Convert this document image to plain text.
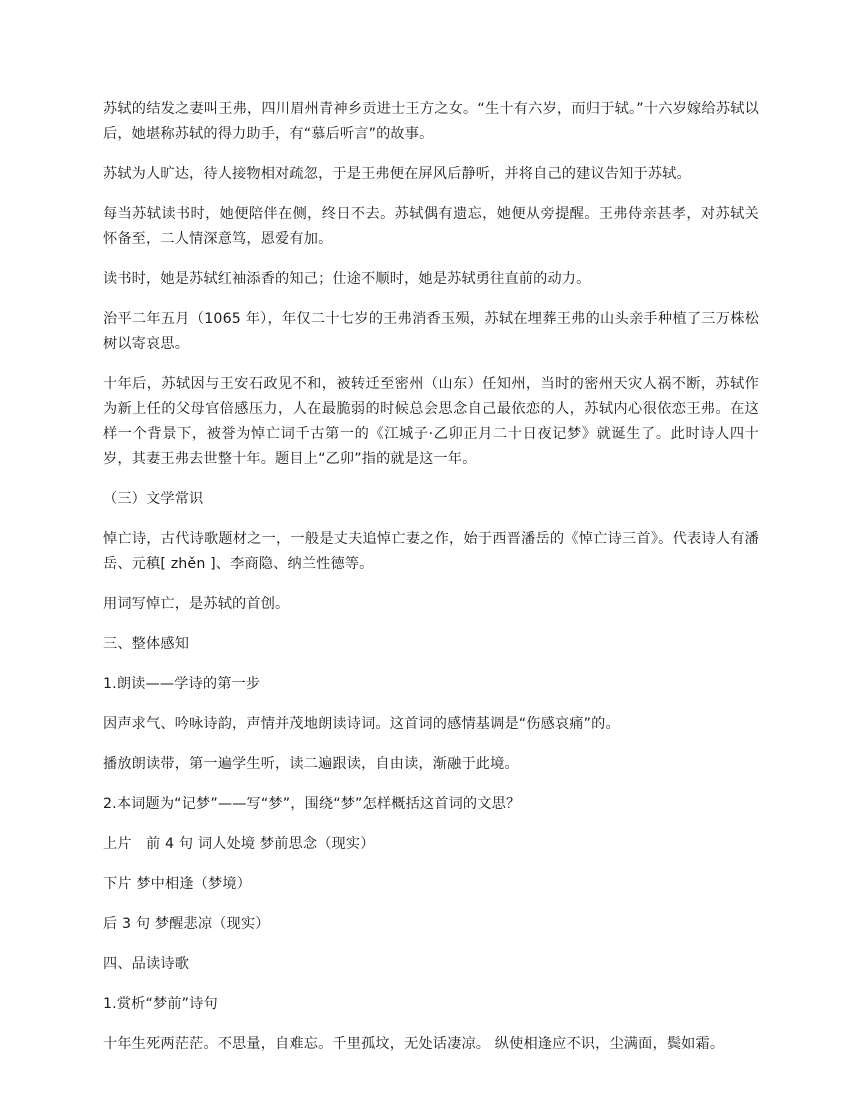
苏轼的结发之妻叫王弗，四川眉州青神乡贡进士王方之女。“生十有六岁，而归于轼。”十六岁嫁给苏轼以后，她堪称苏轼的得力助手，有“慕后听言”的故事。

苏轼为人旷达，待人接物相对疏忽，于是王弗便在屏风后静听，并将自己的建议告知于苏轼。

每当苏轼读书时，她便陪伴在侧，终日不去。苏轼偶有遗忘，她便从旁提醒。王弗侍亲甚孝，对苏轼关怀备至，二人情深意笃，恩爱有加。

读书时，她是苏轼红袖添香的知己；仕途不顺时，她是苏轼勇往直前的动力。

治平二年五月（1065 年），年仅二十七岁的王弗消香玉殒，苏轼在埋葬王弗的山头亲手种植了三万株松树以寄哀思。

十年后，苏轼因与王安石政见不和，被转迁至密州（山东）任知州，当时的密州天灾人祸不断，苏轼作为新上任的父母官倍感压力，人在最脆弱的时候总会思念自己最依恋的人，苏轼内心很依恋王弗。在这样一个背景下，被誉为悼亡词千古第一的《江城子·乙卯正月二十日夜记梦》就诞生了。此时诗人四十岁，其妻王弗去世整十年。题目上“乙卯”指的就是这一年。

（三）文学常识

悼亡诗，古代诗歌题材之一，一般是丈夫追悼亡妻之作，始于西晋潘岳的《悼亡诗三首》。代表诗人有潘岳、元稹[ zhěn ]、李商隐、纳兰性德等。

用词写悼亡，是苏轼的首创。

三、整体感知

1.朗读——学诗的第一步

因声求气、吟咏诗韵，声情并茂地朗读诗词。这首词的感情基调是“伤感哀痛”的。

播放朗读带，第一遍学生听，读二遍跟读，自由读，渐融于此境。

2.本词题为“记梦”——写“梦”，围绕“梦”怎样概括这首词的文思？

上片　前 4 句 词人处境 梦前思念（现实）

下片 梦中相逢（梦境）

后 3 句 梦醒悲凉（现实）

四、品读诗歌

1.赏析“梦前”诗句

十年生死两茫茫。不思量，自难忘。千里孤坟，无处话凄凉。 纵使相逢应不识，尘满面，鬓如霜。
